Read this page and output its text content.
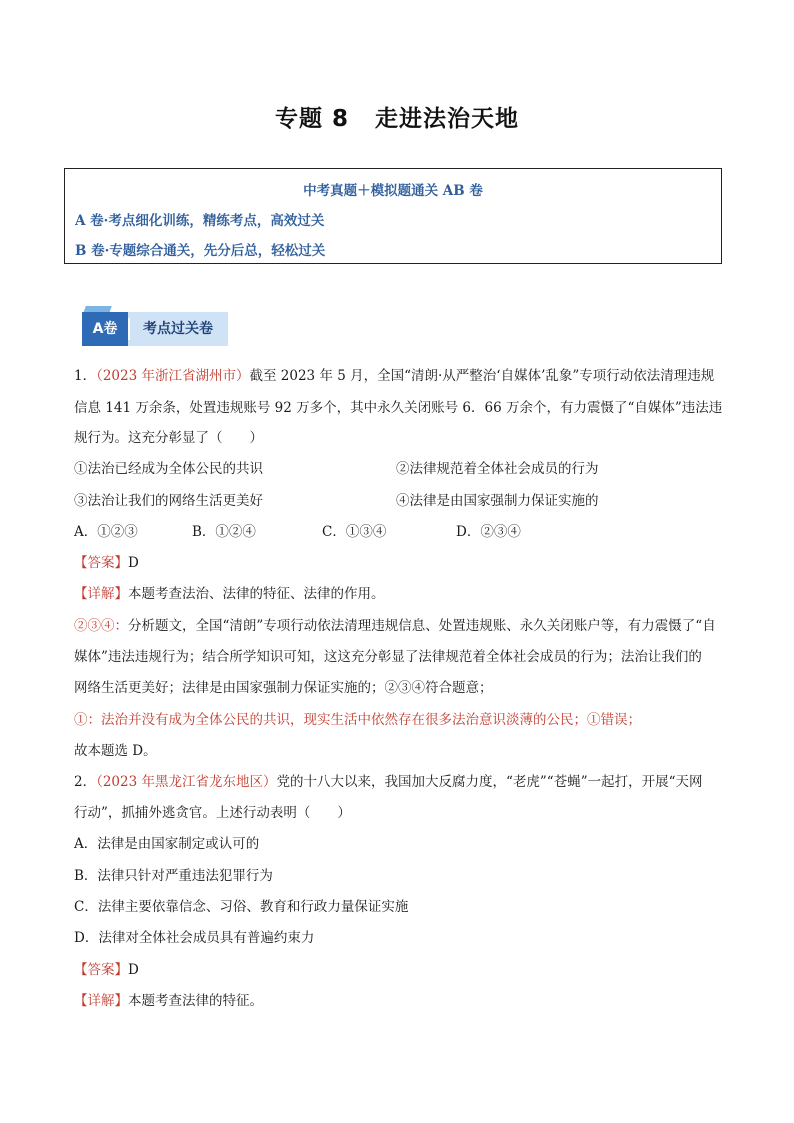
专题 8 走进法治天地
中考真题＋模拟题通关 AB 卷
A 卷·考点细化训练，精练考点，高效过关
B 卷·专题综合通关，先分后总，轻松过关
A卷	考点过关卷
1．（2023 年浙江省湖州市）截至 2023 年 5 月，全国“清朗·从严整治‘自媒体’乱象”专项行动依法清理违规
信息 141 万余条，处置违规账号 92 万多个，其中永久关闭账号 6．66 万余个，有力震慑了“自媒体”违法违
规行为。这充分彰显了（　　）
①法治已经成为全体公民的共识	②法律规范着全体社会成员的行为
③法治让我们的网络生活更美好	④法律是由国家强制力保证实施的
A．①②③	B．①②④	C．①③④	D．②③④
【答案】D
【详解】本题考查法治、法律的特征、法律的作用。
②③④：分析题文，全国“清朗”专项行动依法清理违规信息、处置违规账、永久关闭账户等，有力震慑了“自
媒体”违法违规行为；结合所学知识可知，这这充分彰显了法律规范着全体社会成员的行为；法治让我们的
网络生活更美好；法律是由国家强制力保证实施的；②③④符合题意；
①：法治并没有成为全体公民的共识，现实生活中依然存在很多法治意识淡薄的公民；①错误；
故本题选 D。
2．（2023 年黑龙江省龙东地区）党的十八大以来，我国加大反腐力度，“老虎”“苍蝇”一起打，开展“天网
行动”，抓捕外逃贪官。上述行动表明（　　）
A．法律是由国家制定或认可的
B．法律只针对严重违法犯罪行为
C．法律主要依靠信念、习俗、教育和行政力量保证实施
D．法律对全体社会成员具有普遍约束力
【答案】D
【详解】本题考查法律的特征。
